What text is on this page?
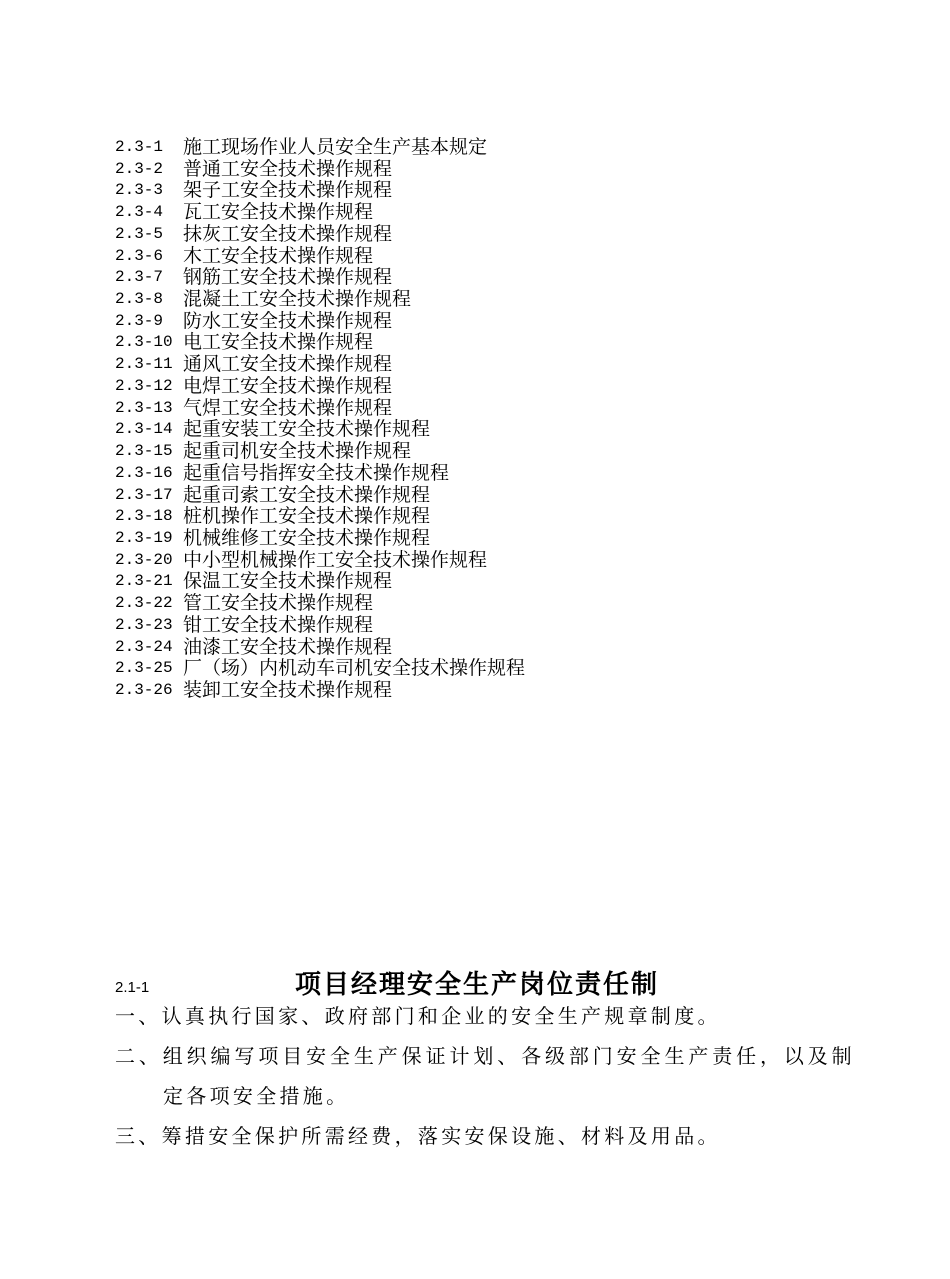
2.3-1 施工现场作业人员安全生产基本规定
2.3-2 普通工安全技术操作规程
2.3-3 架子工安全技术操作规程
2.3-4 瓦工安全技术操作规程
2.3-5 抹灰工安全技术操作规程
2.3-6 木工安全技术操作规程
2.3-7 钢筋工安全技术操作规程
2.3-8 混凝土工安全技术操作规程
2.3-9 防水工安全技术操作规程
2.3-10 电工安全技术操作规程
2.3-11 通风工安全技术操作规程
2.3-12 电焊工安全技术操作规程
2.3-13 气焊工安全技术操作规程
2.3-14 起重安装工安全技术操作规程
2.3-15 起重司机安全技术操作规程
2.3-16 起重信号指挥安全技术操作规程
2.3-17 起重司索工安全技术操作规程
2.3-18 桩机操作工安全技术操作规程
2.3-19 机械维修工安全技术操作规程
2.3-20 中小型机械操作工安全技术操作规程
2.3-21 保温工安全技术操作规程
2.3-22 管工安全技术操作规程
2.3-23 钳工安全技术操作规程
2.3-24 油漆工安全技术操作规程
2.3-25 厂（场）内机动车司机安全技术操作规程
2.3-26 装卸工安全技术操作规程
2.1-1	项目经理安全生产岗位责任制

一、认真执行国家、政府部门和企业的安全生产规章制度。

二、组织编写项目安全生产保证计划、各级部门安全生产责任，以及制定各项安全措施。

三、筹措安全保护所需经费，落实安保设施、材料及用品。
